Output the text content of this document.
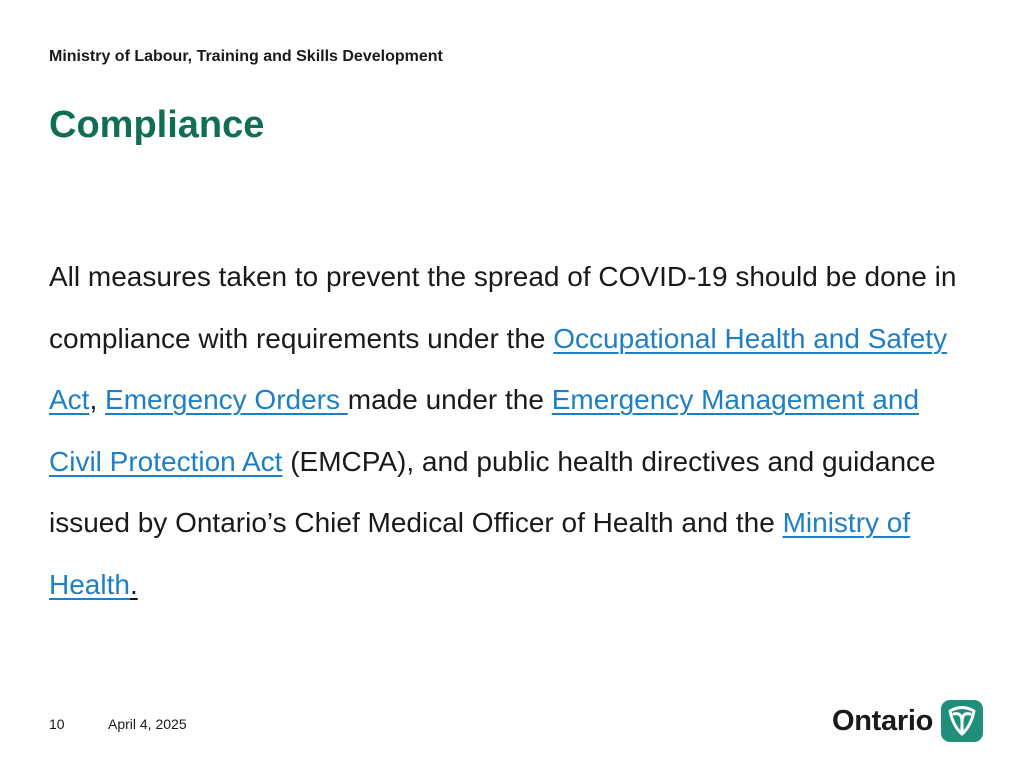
Ministry of Labour, Training and Skills Development
Compliance

All measures taken to prevent the spread of COVID-19 should be done in compliance with requirements under the Occupational Health and Safety Act, Emergency Orders made under the Emergency Management and Civil Protection Act (EMCPA), and public health directives and guidance issued by Ontario’s Chief Medical Officer of Health and the Ministry of Health.

10	April 4, 2025	Ontario
